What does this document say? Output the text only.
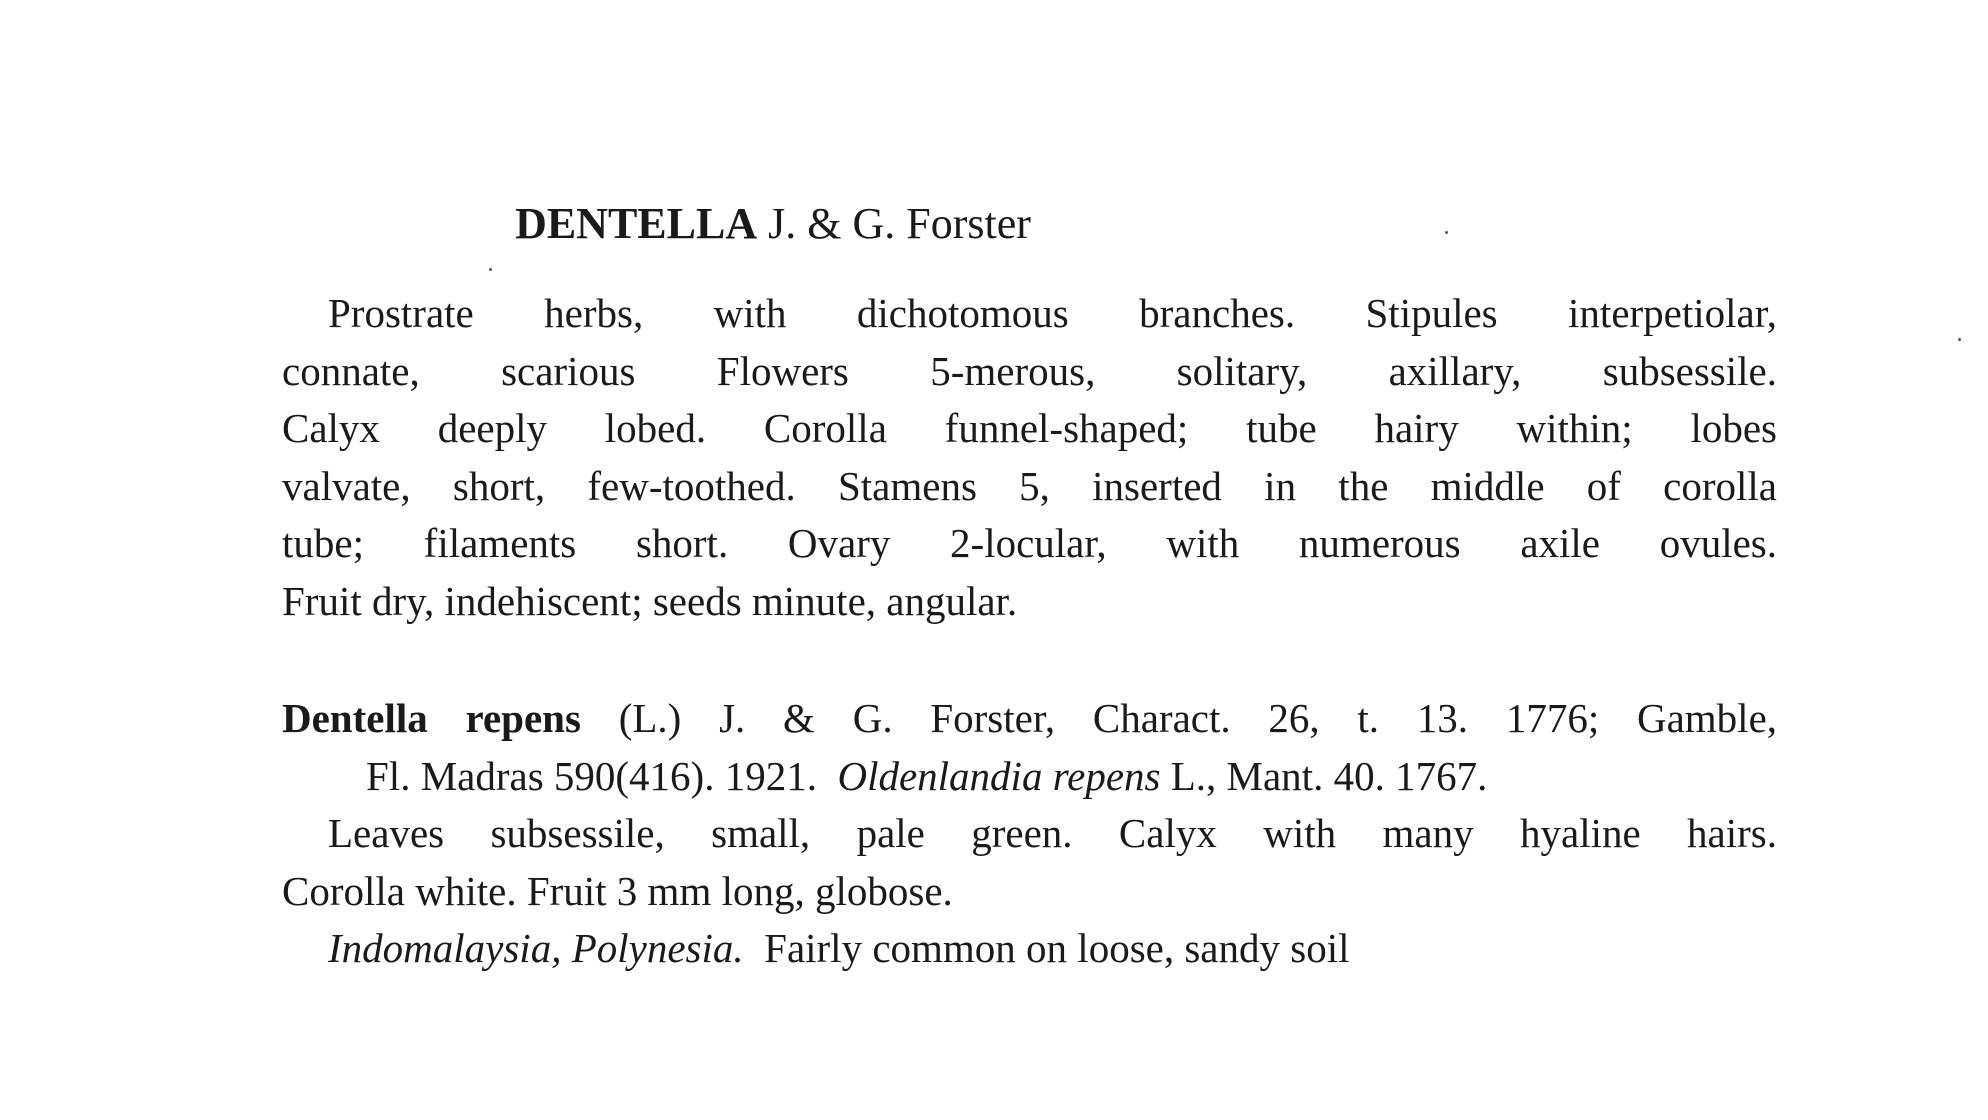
DENTELLA J. & G. Forster
Prostrate herbs, with dichotomous branches. Stipules interpetiolar,
connate, scarious Flowers 5-merous, solitary, axillary, subsessile.
Calyx deeply lobed. Corolla funnel-shaped; tube hairy within; lobes
valvate, short, few-toothed. Stamens 5, inserted in the middle of corolla
tube; filaments short. Ovary 2-locular, with numerous axile ovules.
Fruit dry, indehiscent; seeds minute, angular.
Dentella repens (L.) J. & G. Forster, Charact. 26, t. 13. 1776; Gamble,
Fl. Madras 590(416). 1921. Oldenlandia repens L., Mant. 40. 1767.
Leaves subsessile, small, pale green. Calyx with many hyaline hairs.
Corolla white. Fruit 3 mm long, globose.
Indomalaysia, Polynesia. Fairly common on loose, sandy soil
